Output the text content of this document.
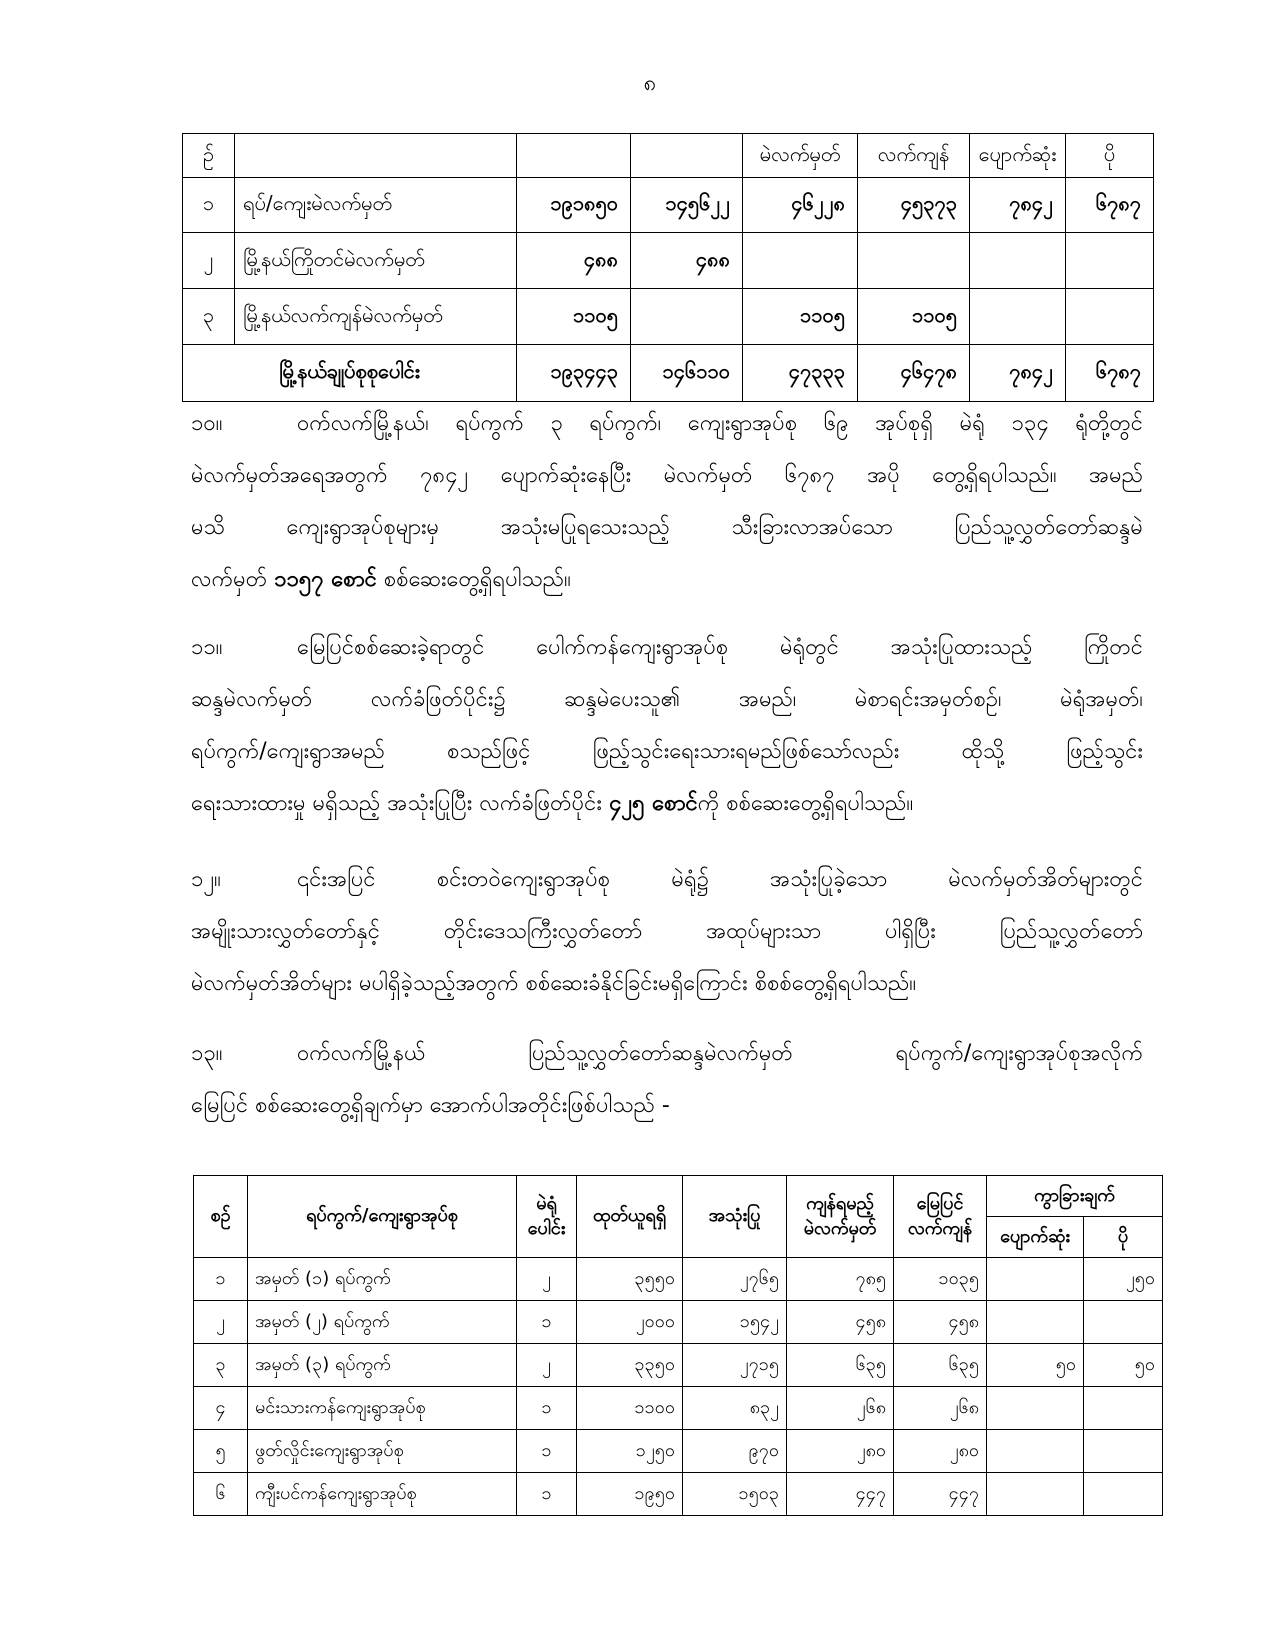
၈
ဉ်				မဲလက်မှတ်	လက်ကျန်	ပျောက်ဆုံး	ပို
၁	ရပ်/ကျေးမဲလက်မှတ်	၁၉၁၈၅၀	၁၄၅၆၂၂	၄၆၂၂၈	၄၅၃၇၃	၇၈၄၂	၆၇၈၇
၂	မြို့နယ်ကြိုတင်မဲလက်မှတ်	၄၈၈	၄၈၈				
၃	မြို့နယ်လက်ကျန်မဲလက်မှတ်	၁၁၀၅		၁၁၀၅	၁၁၀၅		
မြို့နယ်ချုပ်စုစုပေါင်း		၁၉၃၄၄၃	၁၄၆၁၁၀	၄၇၃၃၃	၄၆၄၇၈	၇၈၄၂	၆၇၈၇
၁၀။	ဝက်လက်မြို့နယ်၊ ရပ်ကွက် ၃ ရပ်ကွက်၊ ကျေးရွာအုပ်စု ၆၉ အုပ်စုရှိ မဲရုံ ၁၃၄ ရုံတို့တွင်
မဲလက်မှတ်အရေအတွက် ၇၈၄၂ ပျောက်ဆုံးနေပြီး မဲလက်မှတ် ၆၇၈၇ အပို တွေ့ရှိရပါသည်။ အမည်
မသိ ကျေးရွာအုပ်စုများမှ အသုံးမပြုရသေးသည့် သီးခြားလာအပ်သော ပြည်သူ့လွှတ်တော်ဆန္ဒမဲ
လက်မှတ် ၁၁၅၇ စောင် စစ်ဆေးတွေ့ရှိရပါသည်။
၁၁။	မြေပြင်စစ်ဆေးခဲ့ရာတွင် ပေါက်ကန်ကျေးရွာအုပ်စု မဲရုံတွင် အသုံးပြုထားသည့် ကြိုတင်
ဆန္ဒမဲလက်မှတ် လက်ခံဖြတ်ပိုင်း၌ ဆန္ဒမဲပေးသူ၏ အမည်၊ မဲစာရင်းအမှတ်စဉ်၊ မဲရုံအမှတ်၊
ရပ်ကွက်/ကျေးရွာအမည် စသည်ဖြင့် ဖြည့်သွင်းရေးသားရမည်ဖြစ်သော်လည်း ထိုသို့ ဖြည့်သွင်း
ရေးသားထားမှု မရှိသည့် အသုံးပြုပြီး လက်ခံဖြတ်ပိုင်း ၄၂၅ စောင်ကို စစ်ဆေးတွေ့ရှိရပါသည်။
၁၂။	၎င်းအပြင် စင်းတဝဲကျေးရွာအုပ်စု မဲရုံ၌ အသုံးပြုခဲ့သော မဲလက်မှတ်အိတ်များတွင်
အမျိုးသားလွှတ်တော်နှင့် တိုင်းဒေသကြီးလွှတ်တော် အထုပ်များသာ ပါရှိပြီး ပြည်သူ့လွှတ်တော်
မဲလက်မှတ်အိတ်များ မပါရှိခဲ့သည့်အတွက် စစ်ဆေးခံနိုင်ခြင်းမရှိကြောင်း စိစစ်တွေ့ရှိရပါသည်။
၁၃။	ဝက်လက်မြို့နယ် ပြည်သူ့လွှတ်တော်ဆန္ဒမဲလက်မှတ် ရပ်ကွက်/ကျေးရွာအုပ်စုအလိုက်
မြေပြင် စစ်ဆေးတွေ့ရှိချက်မှာ အောက်ပါအတိုင်းဖြစ်ပါသည် -
စဉ်	ရပ်ကွက်/ကျေးရွာအုပ်စု	မဲရုံ
ပေါင်း	ထုတ်ယူရရှိ	အသုံးပြု	ကျန်ရမည့်
မဲလက်မှတ်	မြေပြင်
လက်ကျန်	ကွာခြားချက်	
							ပျောက်ဆုံး	ပို
၁	အမှတ် (၁) ရပ်ကွက်	၂	၃၅၅၀	၂၇၆၅	၇၈၅	၁၀၃၅		၂၅၀
၂	အမှတ် (၂) ရပ်ကွက်	၁	၂၀၀၀	၁၅၄၂	၄၅၈	၄၅၈		
၃	အမှတ် (၃) ရပ်ကွက်	၂	၃၃၅၀	၂၇၁၅	၆၃၅	၆၃၅	၅၀	၅၀
၄	မင်းသားကန်ကျေးရွာအုပ်စု	၁	၁၁၀၀	၈၃၂	၂၆၈	၂၆၈		
၅	ဖွတ်လှိုင်းကျေးရွာအုပ်စု	၁	၁၂၅၀	၉၇၀	၂၈၀	၂၈၀		
၆	ကျီးပင်ကန်ကျေးရွာအုပ်စု	၁	၁၉၅၀	၁၅၀၃	၄၄၇	၄၄၇		
